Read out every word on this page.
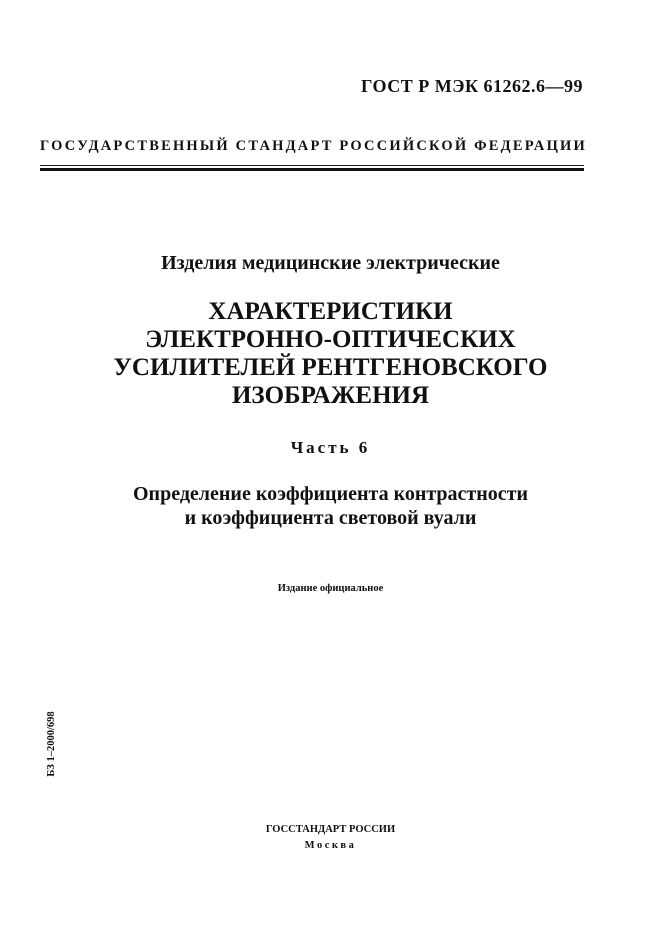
ГОСТ Р МЭК 61262.6—99
ГОСУДАРСТВЕННЫЙ СТАНДАРТ РОССИЙСКОЙ ФЕДЕРАЦИИ
Изделия медицинские электрические
ХАРАКТЕРИСТИКИ
ЭЛЕКТРОННО-ОПТИЧЕСКИХ
УСИЛИТЕЛЕЙ РЕНТГЕНОВСКОГО
ИЗОБРАЖЕНИЯ
Часть 6
Определение коэффициента контрастности
и коэффициента световой вуали
Издание официальное
БЗ 1–2000/698
ГОССТАНДАРТ РОССИИ
Москва
